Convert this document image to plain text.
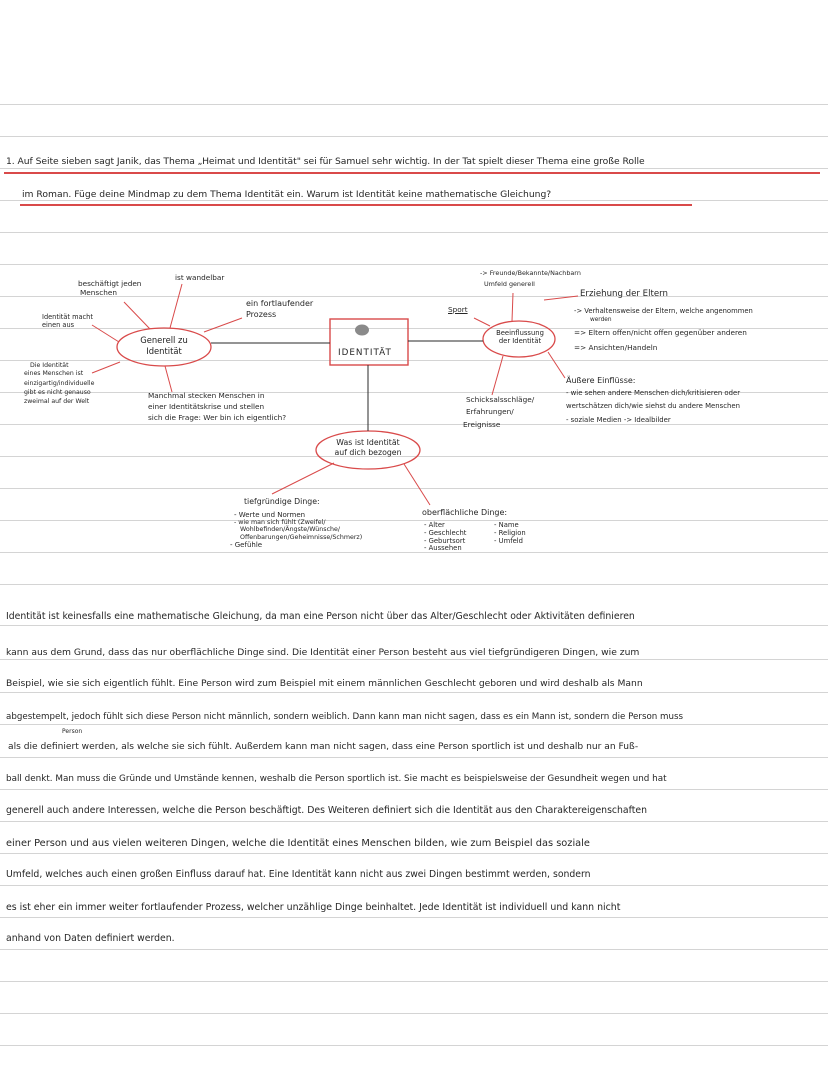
1. Auf Seite sieben sagt Janik, das Thema „Heimat und Identität" sei für Samuel sehr wichtig. In der Tat spielt dieser Thema eine große Rolle
im Roman. Füge deine Mindmap zu dem Thema Identität ein. Warum ist Identität keine mathematische Gleichung?
IDENTITÄT
Generell zu
Identität
Beeinflussung
der Identität
Was ist Identität
auf dich bezogen
beschäftigt jeden
Menschen
ist wandelbar
ein fortlaufender
Prozess
Identität macht
einen aus
Die Identität
eines Menschen ist
einzigartig/individuelle
gibt es nicht genauso
zweimal auf der Welt
Manchmal stecken Menschen in
einer Identitätskrise und stellen
sich die Frage: Wer bin ich eigentlich?
-> Freunde/Bekannte/Nachbarn
Umfeld generell
Sport
Erziehung der Eltern
-> Verhaltensweise der Eltern, welche angenommen
werden
=> Eltern offen/nicht offen gegenüber anderen
=> Ansichten/Handeln
Schicksalsschläge/
Erfahrungen/
Ereignisse
Äußere Einflüsse:
- wie sehen andere Menschen dich/kritisieren oder
wertschätzen dich/wie siehst du andere Menschen
- soziale Medien -> Idealbilder
tiefgründige Dinge:
- Werte und Normen
- wie man sich fühlt (Zweifel/
Wohlbefinden/Ängste/Wünsche/
Offenbarungen/Geheimnisse/Schmerz)
- Gefühle
oberflächliche Dinge:
- Alter
- Geschlecht
- Geburtsort
- Aussehen
- Name
- Religion
- Umfeld
Identität ist keinesfalls eine mathematische Gleichung, da man eine Person nicht über das Alter/Geschlecht oder Aktivitäten definieren
kann aus dem Grund, dass das nur oberflächliche Dinge sind. Die Identität einer Person besteht aus viel tiefgründigeren Dingen, wie zum
Beispiel, wie sie sich eigentlich fühlt. Eine Person wird zum Beispiel mit einem männlichen Geschlecht geboren und wird deshalb als Mann
abgestempelt, jedoch fühlt sich diese Person nicht männlich, sondern weiblich. Dann kann man nicht sagen, dass es ein Mann ist, sondern die Person muss
Person
als die definiert werden, als welche sie sich fühlt. Außerdem kann man nicht sagen, dass eine Person sportlich ist und deshalb nur an Fuß-
ball denkt. Man muss die Gründe und Umstände kennen, weshalb die Person sportlich ist. Sie macht es beispielsweise der Gesundheit wegen und hat
generell auch andere Interessen, welche die Person beschäftigt. Des Weiteren definiert sich die Identität aus den Charaktereigenschaften
einer Person und aus vielen weiteren Dingen, welche die Identität eines Menschen bilden, wie zum Beispiel das soziale
Umfeld, welches auch einen großen Einfluss darauf hat. Eine Identität kann nicht aus zwei Dingen bestimmt werden, sondern
es ist eher ein immer weiter fortlaufender Prozess, welcher unzählige Dinge beinhaltet. Jede Identität ist individuell und kann nicht
anhand von Daten definiert werden.
